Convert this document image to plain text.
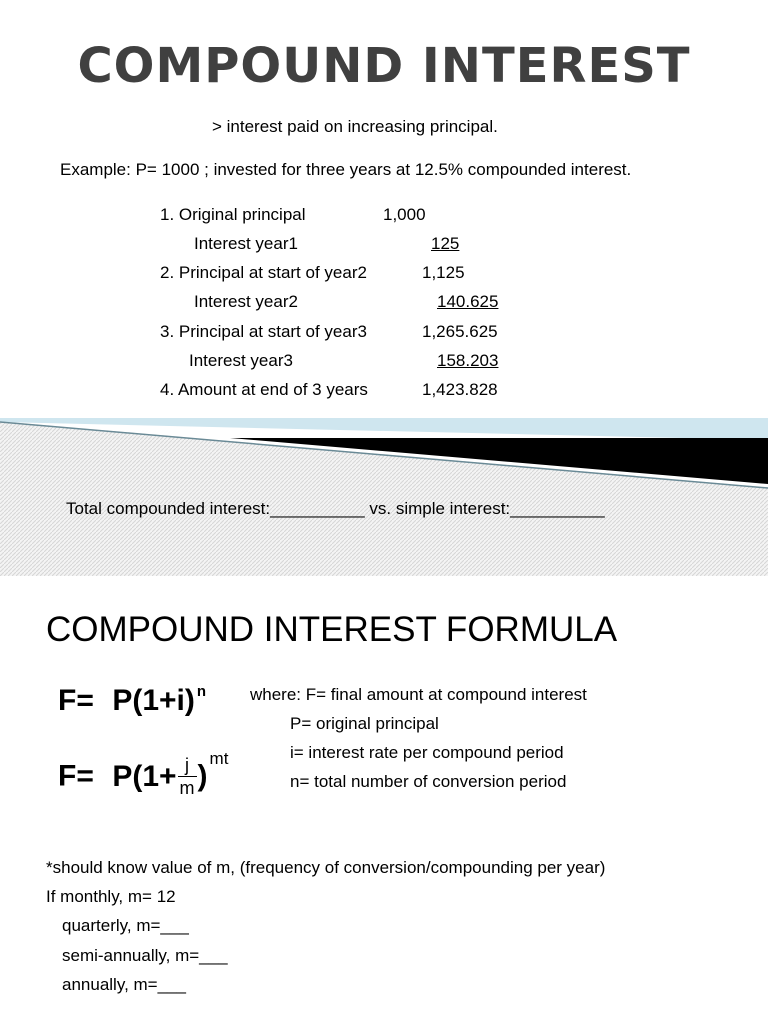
COMPOUND INTEREST
> interest paid on increasing principal.
Example: P= 1000 ; invested for three years at 12.5% compounded interest.
1. Original principal	1,000
Interest year1	125
2. Principal at start of year2	1,125
Interest year2	140.625
3. Principal at start of year3	1,265.625
Interest year3	158.203
4. Amount at end of 3 years	1,423.828
Total compounded interest:__________ vs. simple interest:__________
COMPOUND INTEREST FORMULA
F= P(1+i) n
$F= P(1+ \frac{j}{m} )mt$
where: F= final amount at compound interest
P= original principal
i= interest rate per compound period
n= total number of conversion period
*should know value of m, (frequency of conversion/compounding per year)
If monthly, m= 12
quarterly, m=___
semi-annually, m=___
annually, m=___
